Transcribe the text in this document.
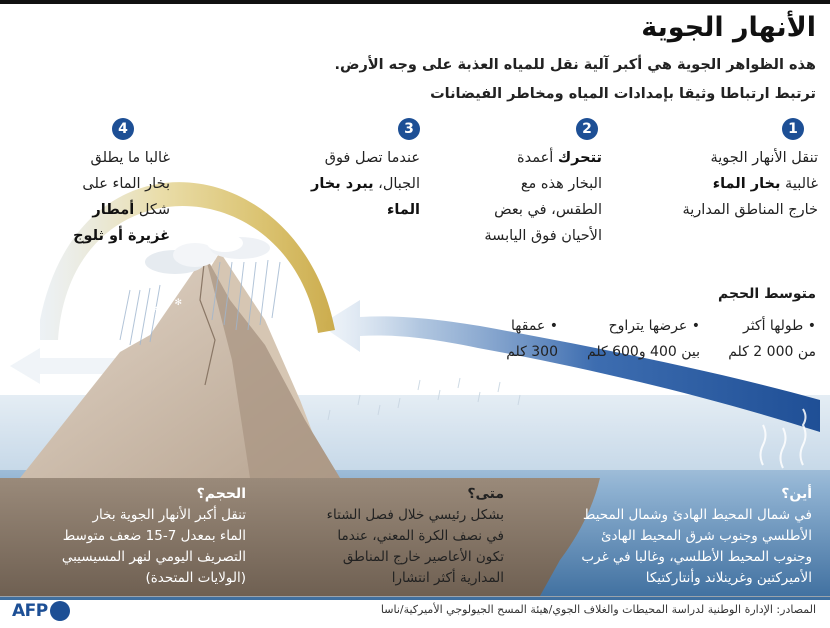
✻
✻
✻
✻
✻
الأنهار الجوية
هذه الظواهر الجوية هي أكبر آلية نقل للمياه العذبة على وجه الأرض.
ترتبط ارتباطا وثيقا بإمدادات المياه ومخاطر الفيضانات
1
تنقل الأنهار الجوية
غالبية بخار الماء
خارج المناطق المدارية
2
تتحرك أعمدة
البخار هذه مع
الطقس، في بعض
الأحيان فوق اليابسة
3
عندما تصل فوق
الجبال، يبرد بخار
الماء
4
غالبا ما يطلق
بخار الماء على
شكل أمطار
غزيرة أو ثلوج
متوسط الحجم
• طولها أكثر
من 000 2 كلم
• عرضها يتراوح
بين 400 و600 كلم
• عمقها
300 كلم
أين؟
في شمال المحيط الهادئ وشمال المحيط
الأطلسي وجنوب شرق المحيط الهادئ
وجنوب المحيط الأطلسي، وغالبا في غرب
الأميركتين وغرينلاند وأنتاركتيكا
متى؟
بشكل رئيسي خلال فصل الشتاء
في نصف الكرة المعني، عندما
تكون الأعاصير خارج المناطق
المدارية أكثر انتشارا
الحجم؟
تنقل أكبر الأنهار الجوية بخار
الماء بمعدل 7-15 ضعف متوسط
التصريف اليومي لنهر المسيسيبي
(الولايات المتحدة)
المصادر: الإدارة الوطنية لدراسة المحيطات والغلاف الجوي/هيئة المسح الجيولوجي الأميركية/ناسا
AFP
